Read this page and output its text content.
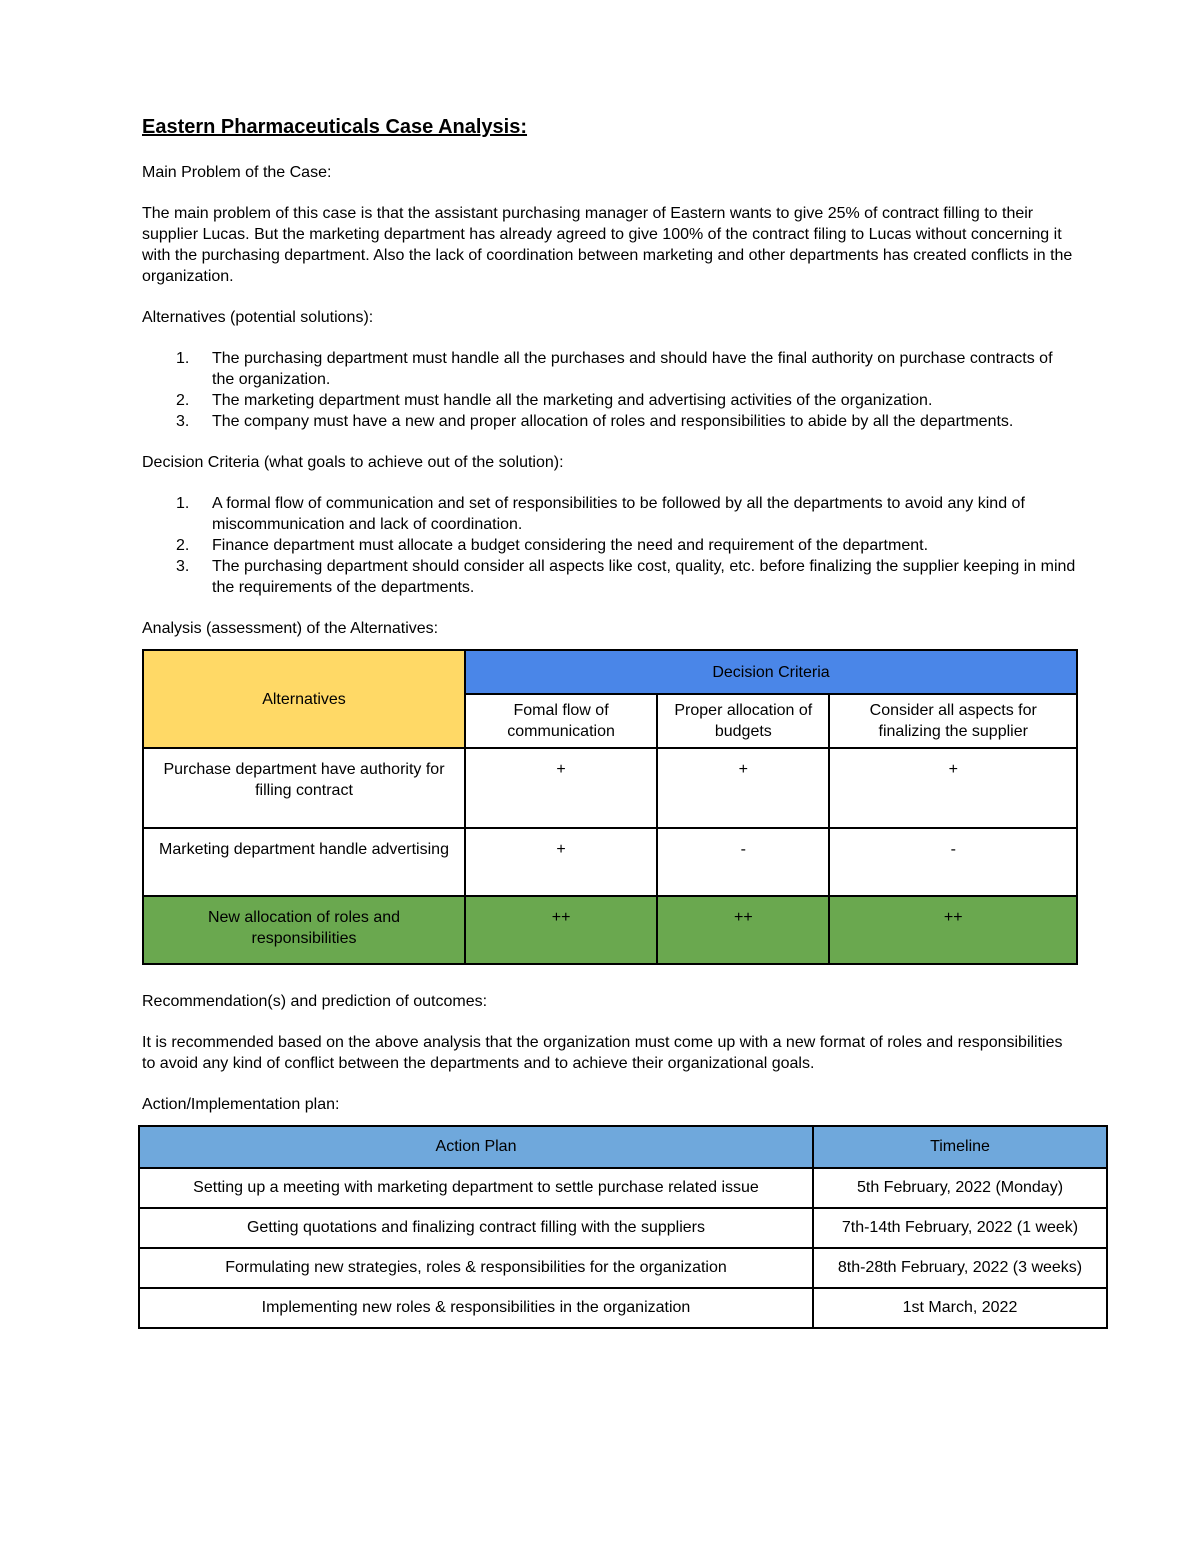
Eastern Pharmaceuticals Case Analysis:
Main Problem of the Case:
The main problem of this case is that the assistant purchasing manager of Eastern wants to give 25% of contract filling to their supplier Lucas. But the marketing department has already agreed to give 100% of the contract filing to Lucas without concerning it with the purchasing department. Also the lack of coordination between marketing and other departments has created conflicts in the organization.
Alternatives (potential solutions):
1.	The purchasing department must handle all the purchases and should have the final authority on purchase contracts of the organization.
2.	The marketing department must handle all the marketing and advertising activities of the organization.
3.	The company must have a new and proper allocation of roles and responsibilities to abide by all the departments.
Decision Criteria (what goals to achieve out of the solution):
1.	A formal flow of communication and set of responsibilities to be followed by all the departments to avoid any kind of miscommunication and lack of coordination.
2.	Finance department must allocate a budget considering the need and requirement of the department.
3.	The purchasing department should consider all aspects like cost, quality, etc. before finalizing the supplier keeping in mind the requirements of the departments.
Analysis (assessment) of the Alternatives:
Alternatives	Decision Criteria		
	Fomal flow of communication	Proper allocation of budgets	Consider all aspects for finalizing the supplier
Purchase department have authority for filling contract	+	+	+
Marketing department handle advertising	+	-	-
New allocation of roles and responsibilities	++	++	++
Recommendation(s) and prediction of outcomes:
It is recommended based on the above analysis that the organization must come up with a new format of roles and responsibilities to avoid any kind of conflict between the departments and to achieve their organizational goals.
Action/Implementation plan:
Action Plan	Timeline
Setting up a meeting with marketing department to settle purchase related issue	5th February, 2022 (Monday)
Getting quotations and finalizing contract filling with the suppliers	7th-14th February, 2022 (1 week)
Formulating new strategies, roles & responsibilities for the organization	8th-28th February, 2022 (3 weeks)
Implementing new roles & responsibilities in the organization	1st March, 2022
